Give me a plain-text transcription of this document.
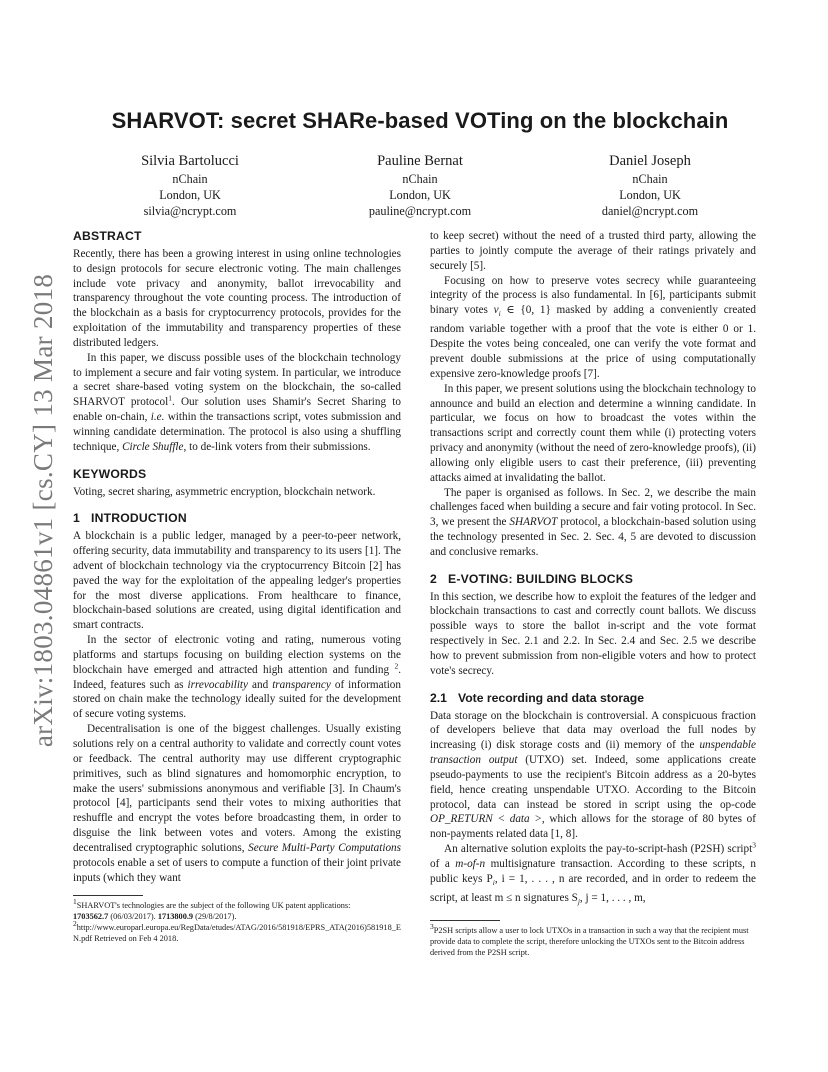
arXiv:1803.04861v1 [cs.CY] 13 Mar 2018
SHARVOT: secret SHARe-based VOTing on the blockchain
Silvia Bartolucci
nChain
London, UK
silvia@ncrypt.com
Pauline Bernat
nChain
London, UK
pauline@ncrypt.com
Daniel Joseph
nChain
London, UK
daniel@ncrypt.com
ABSTRACT

Recently, there has been a growing interest in using online technologies to design protocols for secure electronic voting. The main challenges include vote privacy and anonymity, ballot irrevocability and transparency throughout the vote counting process. The introduction of the blockchain as a basis for cryptocurrency protocols, provides for the exploitation of the immutability and transparency properties of these distributed ledgers.

In this paper, we discuss possible uses of the blockchain technology to implement a secure and fair voting system. In particular, we introduce a secret share-based voting system on the blockchain, the so-called SHARVOT protocol$^1$. Our solution uses Shamir's Secret Sharing to enable on-chain, i.e. within the transactions script, votes submission and winning candidate determination. The protocol is also using a shuffling technique, Circle Shuffle, to de-link voters from their submissions.

KEYWORDS

Voting, secret sharing, asymmetric encryption, blockchain network.

1 INTRODUCTION

A blockchain is a public ledger, managed by a peer-to-peer network, offering security, data immutability and transparency to its users [1]. The advent of blockchain technology via the cryptocurrency Bitcoin [2] has paved the way for the exploitation of the appealing ledger's properties for the most diverse applications. From healthcare to finance, blockchain-based solutions are created, using digital identification and smart contracts.

In the sector of electronic voting and rating, numerous voting platforms and startups focusing on building election systems on the blockchain have emerged and attracted high attention and funding $^2$. Indeed, features such as irrevocability and transparency of information stored on chain make the technology ideally suited for the development of secure voting systems.

Decentralisation is one of the biggest challenges. Usually existing solutions rely on a central authority to validate and correctly count votes or feedback. The central authority may use different cryptographic primitives, such as blind signatures and homomorphic encryption, to make the users' submissions anonymous and verifiable [3]. In Chaum's protocol [4], participants send their votes to mixing authorities that reshuffle and encrypt the votes before broadcasting them, in order to disguise the link between votes and voters. Among the existing decentralised cryptographic solutions, Secure Multi-Party Computations protocols enable a set of users to compute a function of their joint private inputs (which they want

$^1$SHARVOT's technologies are the subject of the following UK patent applications:
1703562.7 (06/03/2017). 1713800.9 (29/8/2017).

$^2$http://www.europarl.europa.eu/RegData/etudes/ATAG/2016/581918/EPRS_ATA(2016)581918_EN.pdf Retrieved on Feb 4 2018.

to keep secret) without the need of a trusted third party, allowing the parties to jointly compute the average of their ratings privately and securely [5].

Focusing on how to preserve votes secrecy while guaranteeing integrity of the process is also fundamental. In [6], participants submit binary votes $v_i$ ∈ {0, 1} masked by adding a conveniently created random variable together with a proof that the vote is either 0 or 1. Despite the votes being concealed, one can verify the vote format and prevent double submissions at the price of using computationally expensive zero-knowledge proofs [7].

In this paper, we present solutions using the blockchain technology to announce and build an election and determine a winning candidate. In particular, we focus on how to broadcast the votes within the transactions script and correctly count them while (i) protecting voters privacy and anonymity (without the need of zero-knowledge proofs), (ii) allowing only eligible users to cast their preference, (iii) preventing attacks aimed at invalidating the ballot.

The paper is organised as follows. In Sec. 2, we describe the main challenges faced when building a secure and fair voting protocol. In Sec. 3, we present the SHARVOT protocol, a blockchain-based solution using the technology presented in Sec. 2. Sec. 4, 5 are devoted to discussion and conclusive remarks.

2 E-VOTING: BUILDING BLOCKS

In this section, we describe how to exploit the features of the ledger and blockchain transactions to cast and correctly count ballots. We discuss possible ways to store the ballot in-script and the vote format respectively in Sec. 2.1 and 2.2. In Sec. 2.4 and Sec. 2.5 we describe how to prevent submission from non-eligible voters and how to protect vote's secrecy.

2.1 Vote recording and data storage

Data storage on the blockchain is controversial. A conspicuous fraction of developers believe that data may overload the full nodes by increasing (i) disk storage costs and (ii) memory of the unspendable transaction output (UTXO) set. Indeed, some applications create pseudo-payments to use the recipient's Bitcoin address as a 20-bytes field, hence creating unspendable UTXO. According to the Bitcoin protocol, data can instead be stored in script using the op-code OP_RETURN < data >, which allows for the storage of 80 bytes of non-payments related data [1, 8].

An alternative solution exploits the pay-to-script-hash (P2SH) script$^3$ of a m-of-n multisignature transaction. According to these scripts, n public keys $P_i$, i = 1, . . . , n are recorded, and in order to redeem the script, at least m ≤ n signatures $S_j$, j = 1, . . . , m,

$^3$P2SH scripts allow a user to lock UTXOs in a transaction in such a way that the recipient must provide data to complete the script, therefore unlocking the UTXOs sent to the Bitcoin address derived from the P2SH script.
